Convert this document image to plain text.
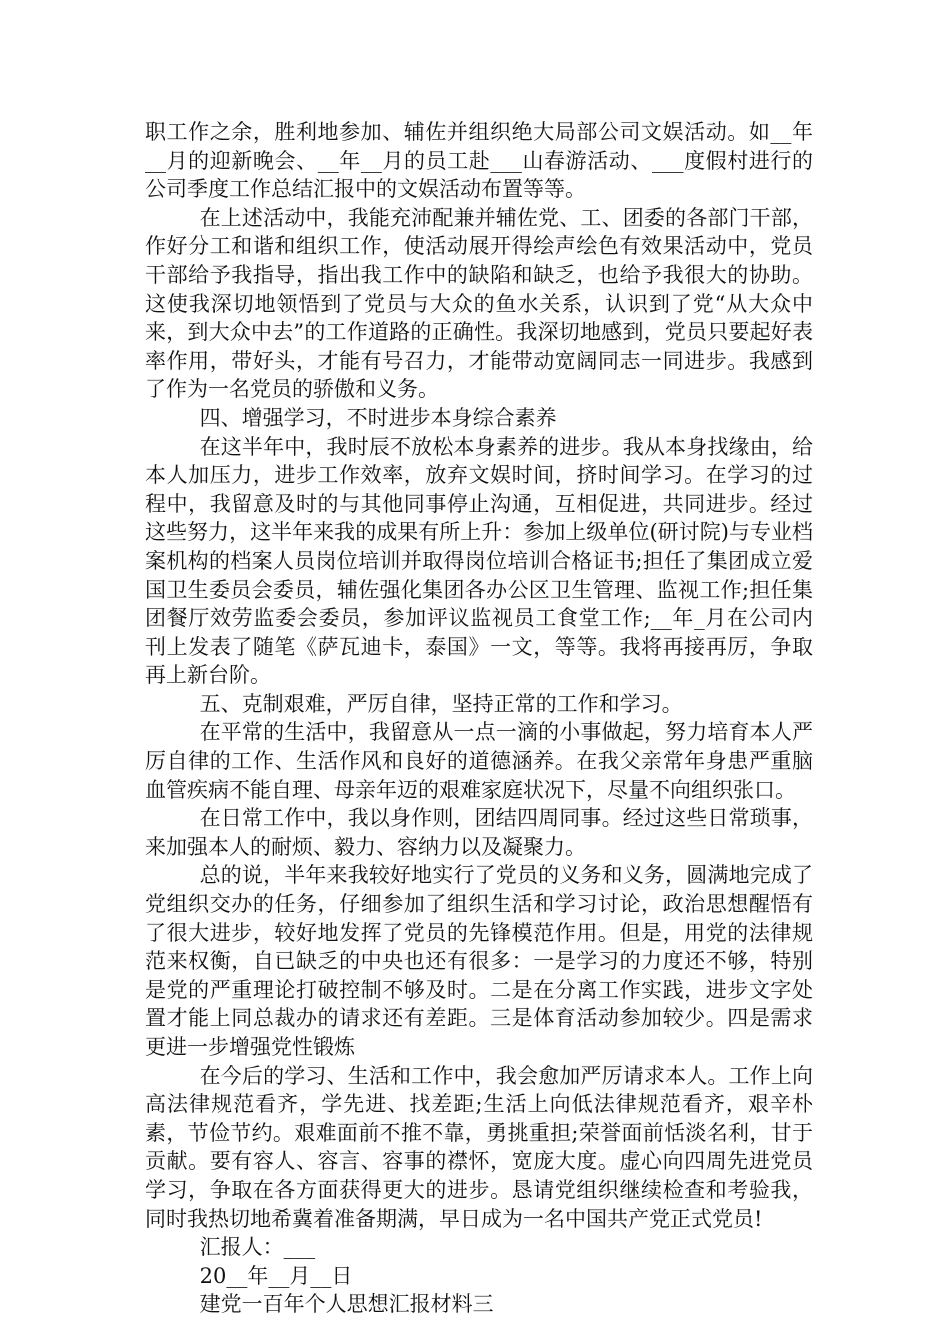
职工作之余，胜利地参加、辅佐并组织绝大局部公司文娱活动。如__年__月的迎新晚会、__年__月的员工赴___山春游活动、___度假村进行的公司季度工作总结汇报中的文娱活动布置等等。

在上述活动中，我能充沛配兼并辅佐党、工、团委的各部门干部，作好分工和谐和组织工作，使活动展开得绘声绘色有效果活动中，党员干部给予我指导，指出我工作中的缺陷和缺乏，也给予我很大的协助。这使我深切地领悟到了党员与大众的鱼水关系，认识到了党“从大众中来，到大众中去”的工作道路的正确性。我深切地感到，党员只要起好表率作用，带好头，才能有号召力，才能带动宽阔同志一同进步。我感到了作为一名党员的骄傲和义务。

四、增强学习，不时进步本身综合素养

在这半年中，我时辰不放松本身素养的进步。我从本身找缘由，给本人加压力，进步工作效率，放弃文娱时间，挤时间学习。在学习的过程中，我留意及时的与其他同事停止沟通，互相促进，共同进步。经过这些努力，这半年来我的成果有所上升：参加上级单位(研讨院)与专业档案机构的档案人员岗位培训并取得岗位培训合格证书;担任了集团成立爱国卫生委员会委员，辅佐强化集团各办公区卫生管理、监视工作;担任集团餐厅效劳监委会委员，参加评议监视员工食堂工作;__年_月在公司内刊上发表了随笔《萨瓦迪卡，泰国》一文，等等。我将再接再厉，争取再上新台阶。

五、克制艰难，严厉自律，坚持正常的工作和学习。

在平常的生活中，我留意从一点一滴的小事做起，努力培育本人严厉自律的工作、生活作风和良好的道德涵养。在我父亲常年身患严重脑血管疾病不能自理、母亲年迈的艰难家庭状况下，尽量不向组织张口。

在日常工作中，我以身作则，团结四周同事。经过这些日常琐事，来加强本人的耐烦、毅力、容纳力以及凝聚力。

总的说，半年来我较好地实行了党员的义务和义务，圆满地完成了党组织交办的任务，仔细参加了组织生活和学习讨论，政治思想醒悟有了很大进步，较好地发挥了党员的先锋模范作用。但是，用党的法律规范来权衡，自已缺乏的中央也还有很多：一是学习的力度还不够，特别是党的严重理论打破控制不够及时。二是在分离工作实践，进步文字处置才能上同总裁办的请求还有差距。三是体育活动参加较少。四是需求更进一步增强党性锻炼

在今后的学习、生活和工作中，我会愈加严厉请求本人。工作上向高法律规范看齐，学先进、找差距;生活上向低法律规范看齐，艰辛朴素，节俭节约。艰难面前不推不靠，勇挑重担;荣誉面前恬淡名利，甘于贡献。要有容人、容言、容事的襟怀，宽庞大度。虚心向四周先进党员学习，争取在各方面获得更大的进步。恳请党组织继续检查和考验我，同时我热切地希冀着准备期满，早日成为一名中国共产党正式党员!

汇报人：___

20__年__月__日

建党一百年个人思想汇报材料三
